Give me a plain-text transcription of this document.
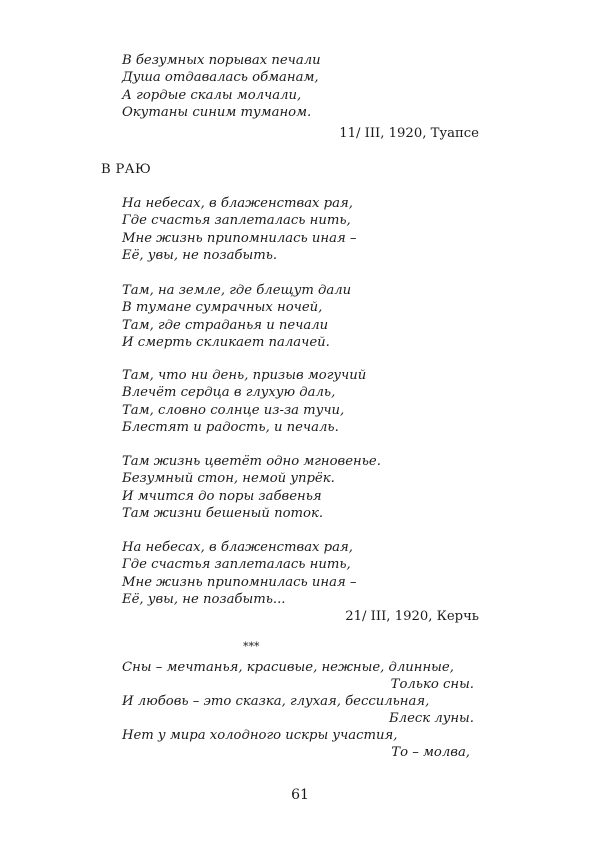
В безумных порывах печали
Душа отдавалась обманам,
А гордые скалы молчали,
Окутаны синим туманом.
11/ III, 1920, Туапсе
В РАЮ
На небесах, в блаженствах рая,
Где счастья заплеталась нить,
Мне жизнь припомнилась иная –
Её, увы, не позабыть.
Там, на земле, где блещут дали
В тумане сумрачных ночей,
Там, где страданья и печали
И смерть скликает палачей.
Там, что ни день, призыв могучий
Влечёт сердца в глухую даль,
Там, словно солнце из-за тучи,
Блестят и радость, и печаль.
Там жизнь цветёт одно мгновенье.
Безумный стон, немой упрёк.
И мчится до поры забвенья
Там жизни бешеный поток.
На небесах, в блаженствах рая,
Где счастья заплеталась нить,
Мне жизнь припомнилась иная –
Её, увы, не позабыть...
21/ III, 1920, Керчь
***
Сны – мечтанья, красивые, нежные, длинные,
Только сны.
И любовь – это сказка, глухая, бессильная,
Блеск луны.
Нет у мира холодного искры участия,
То – молва,
61
